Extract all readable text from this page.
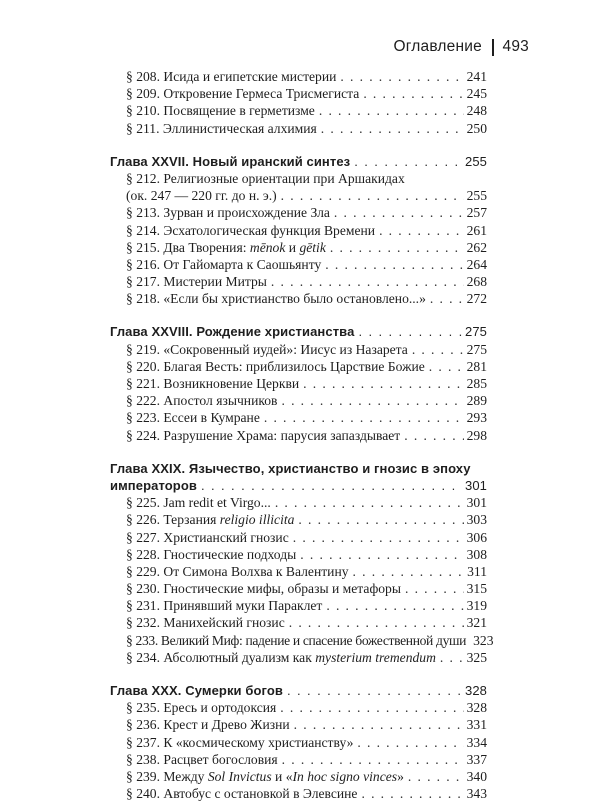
Оглавление 493
§ 208. Исида и египетские мистерии . . .	241
§ 209. Откровение Гермеса Трисмегиста . . .	245
§ 210. Посвящение в герметизме . . .	248
§ 211. Эллинистическая алхимия . . .	250
Глава XXVII. Новый иранский синтез . . .	255
§ 212. Религиозные ориентации при Аршакидах
(ок. 247 — 220 гг. до н. э.) . . .	255
§ 213. Зурван и происхождение Зла . . .	257
§ 214. Эсхатологическая функция Времени . . .	261
§ 215. Два Творения: mēnok и gētik . . .	262
§ 216. От Гайомарта к Саошьянту . . .	264
§ 217. Мистерии Митры . . .	268
§ 218. «Если бы христианство было остановлено...» . . .	272
Глава XXVIII. Рождение христианства . . .	275
§ 219. «Сокровенный иудей»: Иисус из Назарета . . .	275
§ 220. Благая Весть: приблизилось Царствие Божие . . .	281
§ 221. Возникновение Церкви . . .	285
§ 222. Апостол язычников . . .	289
§ 223. Ессеи в Кумране . . .	293
§ 224. Разрушение Храма: парусия запаздывает . . .	298
Глава XXIX. Язычество, христианство и гнозис в эпоху
императоров . . .	301
§ 225. Jam redit et Virgo... . . .	301
§ 226. Терзания religio illicita . . .	303
§ 227. Христианский гнозис . . .	306
§ 228. Гностические подходы . . .	308
§ 229. От Симона Волхва к Валентину . . .	311
§ 230. Гностические мифы, образы и метафоры . . .	315
§ 231. Принявший муки Параклет . . .	319
§ 232. Манихейский гнозис . . .	321
§ 233. Великий Миф: падение и спасение божественной души 323
§ 234. Абсолютный дуализм как mysterium tremendum . . . 325
Глава XXX. Сумерки богов . . .	328
§ 235. Ересь и ортодоксия . . .	328
§ 236. Крест и Древо Жизни . . .	331
§ 237. К «космическому христианству» . . .	334
§ 238. Расцвет богословия . . .	337
§ 239. Между Sol Invictus и «In hoc signo vinces» . . .	340
§ 240. Автобус с остановкой в Элевсине . . .	343
